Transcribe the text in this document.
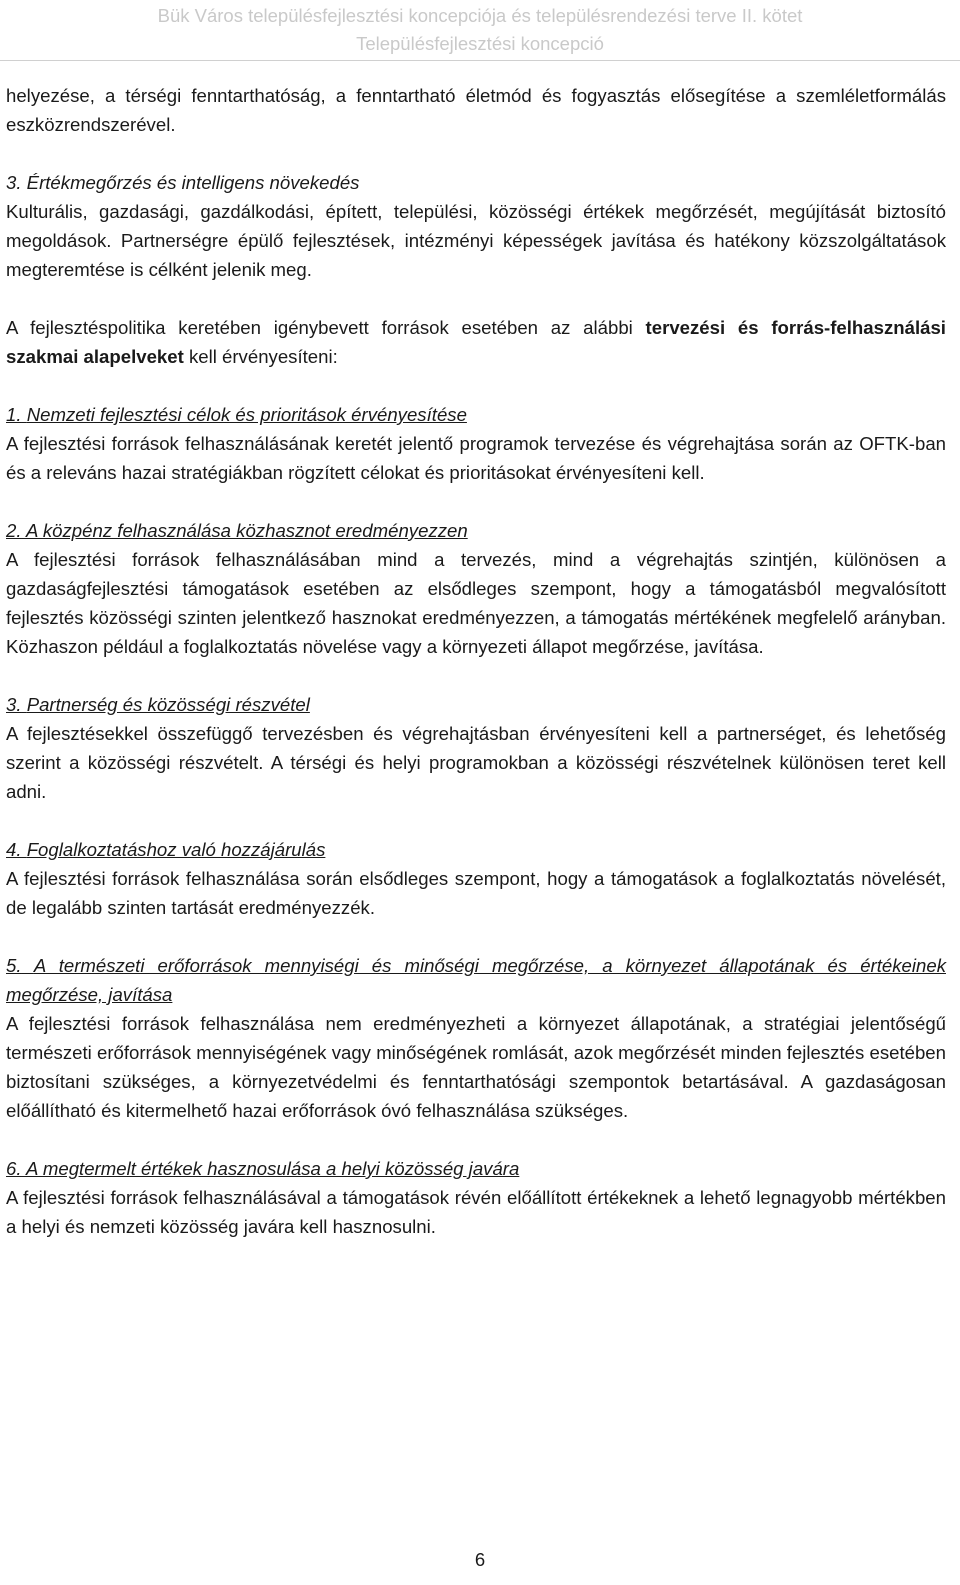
Bük Város településfejlesztési koncepciója és településrendezési terve II. kötet
Településfejlesztési koncepció

helyezése, a térségi fenntarthatóság, a fenntartható életmód és fogyasztás elősegítése a szemléletformálás eszközrendszerével.

3. Értékmegőrzés és intelligens növekedés

Kulturális, gazdasági, gazdálkodási, épített, települési, közösségi értékek megőrzését, megújítását biztosító megoldások. Partnerségre épülő fejlesztések, intézményi képességek javítása és hatékony közszolgáltatások megteremtése is célként jelenik meg.

A fejlesztéspolitika keretében igénybevett források esetében az alábbi tervezési és forrás-felhasználási szakmai alapelveket kell érvényesíteni:

1. Nemzeti fejlesztési célok és prioritások érvényesítése

A fejlesztési források felhasználásának keretét jelentő programok tervezése és végrehajtása során az OFTK-ban és a releváns hazai stratégiákban rögzített célokat és prioritásokat érvényesíteni kell.

2. A közpénz felhasználása közhasznot eredményezzen

A fejlesztési források felhasználásában mind a tervezés, mind a végrehajtás szintjén, különösen a gazdaságfejlesztési támogatások esetében az elsődleges szempont, hogy a támogatásból megvalósított fejlesztés közösségi szinten jelentkező hasznokat eredményezzen, a támogatás mértékének megfelelő arányban. Közhaszon például a foglalkoztatás növelése vagy a környezeti állapot megőrzése, javítása.

3. Partnerség és közösségi részvétel

A fejlesztésekkel összefüggő tervezésben és végrehajtásban érvényesíteni kell a partnerséget, és lehetőség szerint a közösségi részvételt. A térségi és helyi programokban a közösségi részvételnek különösen teret kell adni.

4. Foglalkoztatáshoz való hozzájárulás

A fejlesztési források felhasználása során elsődleges szempont, hogy a támogatások a foglalkoztatás növelését, de legalább szinten tartását eredményezzék.

5. A természeti erőforrások mennyiségi és minőségi megőrzése, a környezet állapotának és értékeinek megőrzése, javítása

A fejlesztési források felhasználása nem eredményezheti a környezet állapotának, a stratégiai jelentőségű természeti erőforrások mennyiségének vagy minőségének romlását, azok megőrzését minden fejlesztés esetében biztosítani szükséges, a környezetvédelmi és fenntarthatósági szempontok betartásával. A gazdaságosan előállítható és kitermelhető hazai erőforrások óvó felhasználása szükséges.

6. A megtermelt értékek hasznosulása a helyi közösség javára

A fejlesztési források felhasználásával a támogatások révén előállított értékeknek a lehető legnagyobb mértékben a helyi és nemzeti közösség javára kell hasznosulni.

6
